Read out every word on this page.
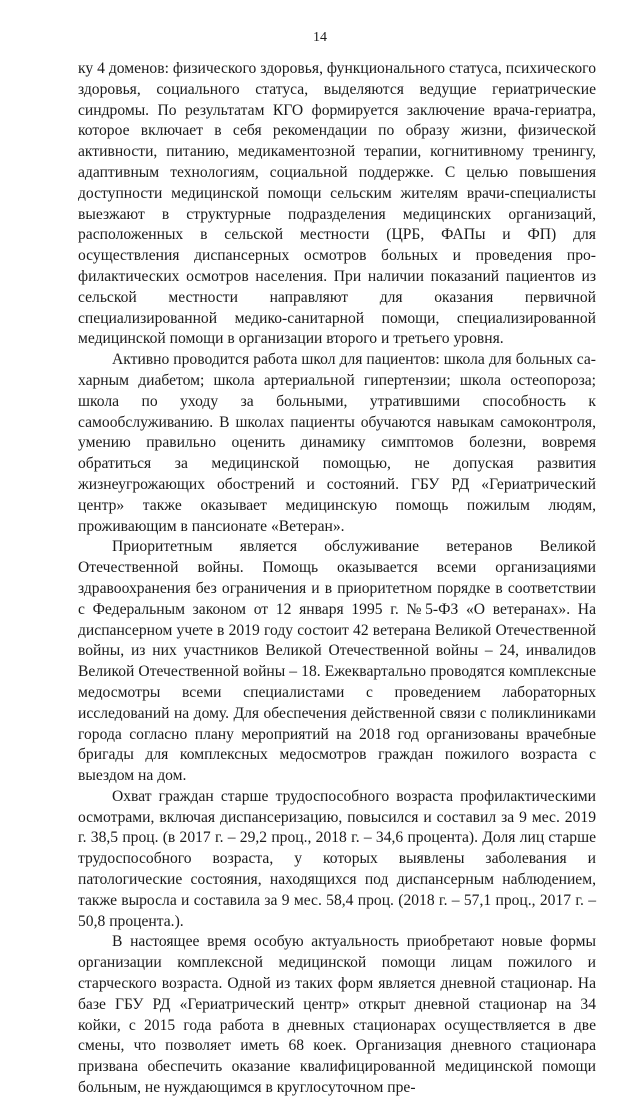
14

ку 4 доменов: физического здоровья, функционального статуса, психического здоровья, социального статуса, выделяются ведущие гериатрические синдромы. По результатам КГО формируется заключение врача-гериатра, которое включает в себя рекомендации по образу жизни, физической активности, питанию, медикаментозной терапии, когнитивному тренингу, адаптивным технологиям, социальной поддержке. С целью повышения доступности медицинской помощи сельским жителям врачи-специалисты выезжают в структурные подразделения медицинских организаций, расположенных в сельской местности (ЦРБ, ФАПы и ФП) для осуществления диспансерных осмотров больных и проведения профилактических осмотров населения. При наличии показаний пациентов из сельской местности направляют для оказания первичной специализированной медико-санитарной помощи, специализированной медицинской помощи в организации второго и третьего уровня.

Активно проводится работа школ для пациентов: школа для больных сахарным диабетом; школа артериальной гипертензии; школа остеопороза; школа по уходу за больными, утратившими способность к самообслуживанию. В школах пациенты обучаются навыкам самоконтроля, умению правильно оценить динамику симптомов болезни, вовремя обратиться за медицинской помощью, не допуская развития жизнеугрожающих обострений и состояний. ГБУ РД «Гериатрический центр» также оказывает медицинскую помощь пожилым людям, проживающим в пансионате «Ветеран».

Приоритетным является обслуживание ветеранов Великой Отечественной войны. Помощь оказывается всеми организациями здравоохранения без ограничения и в приоритетном порядке в соответствии с Федеральным законом от 12 января 1995 г. №5-ФЗ «О ветеранах». На диспансерном учете в 2019 году состоит 42 ветерана Великой Отечественной войны, из них участников Великой Отечественной войны – 24, инвалидов Великой Отечественной войны – 18. Ежеквартально проводятся комплексные медосмотры всеми специалистами с проведением лабораторных исследований на дому. Для обеспечения действенной связи с поликлиниками города согласно плану мероприятий на 2018 год организованы врачебные бригады для комплексных медосмотров граждан пожилого возраста с выездом на дом.

Охват граждан старше трудоспособного возраста профилактическими осмотрами, включая диспансеризацию, повысился и составил за 9 мес. 2019 г. 38,5 проц. (в 2017 г. – 29,2 проц., 2018 г. – 34,6 процента). Доля лиц старше трудоспособного возраста, у которых выявлены заболевания и патологические состояния, находящихся под диспансерным наблюдением, также выросла и составила за 9 мес. 58,4 проц. (2018 г. – 57,1 проц., 2017 г. – 50,8 процента.).

В настоящее время особую актуальность приобретают новые формы организации комплексной медицинской помощи лицам пожилого и старческого возраста. Одной из таких форм является дневной стационар. На базе ГБУ РД «Гериатрический центр» открыт дневной стационар на 34 койки, с 2015 года работа в дневных стационарах осуществляется в две смены, что позволяет иметь 68 коек. Организация дневного стационара призвана обеспечить оказание квалифицированной медицинской помощи больным, не нуждающимся в круглосуточном пре-
